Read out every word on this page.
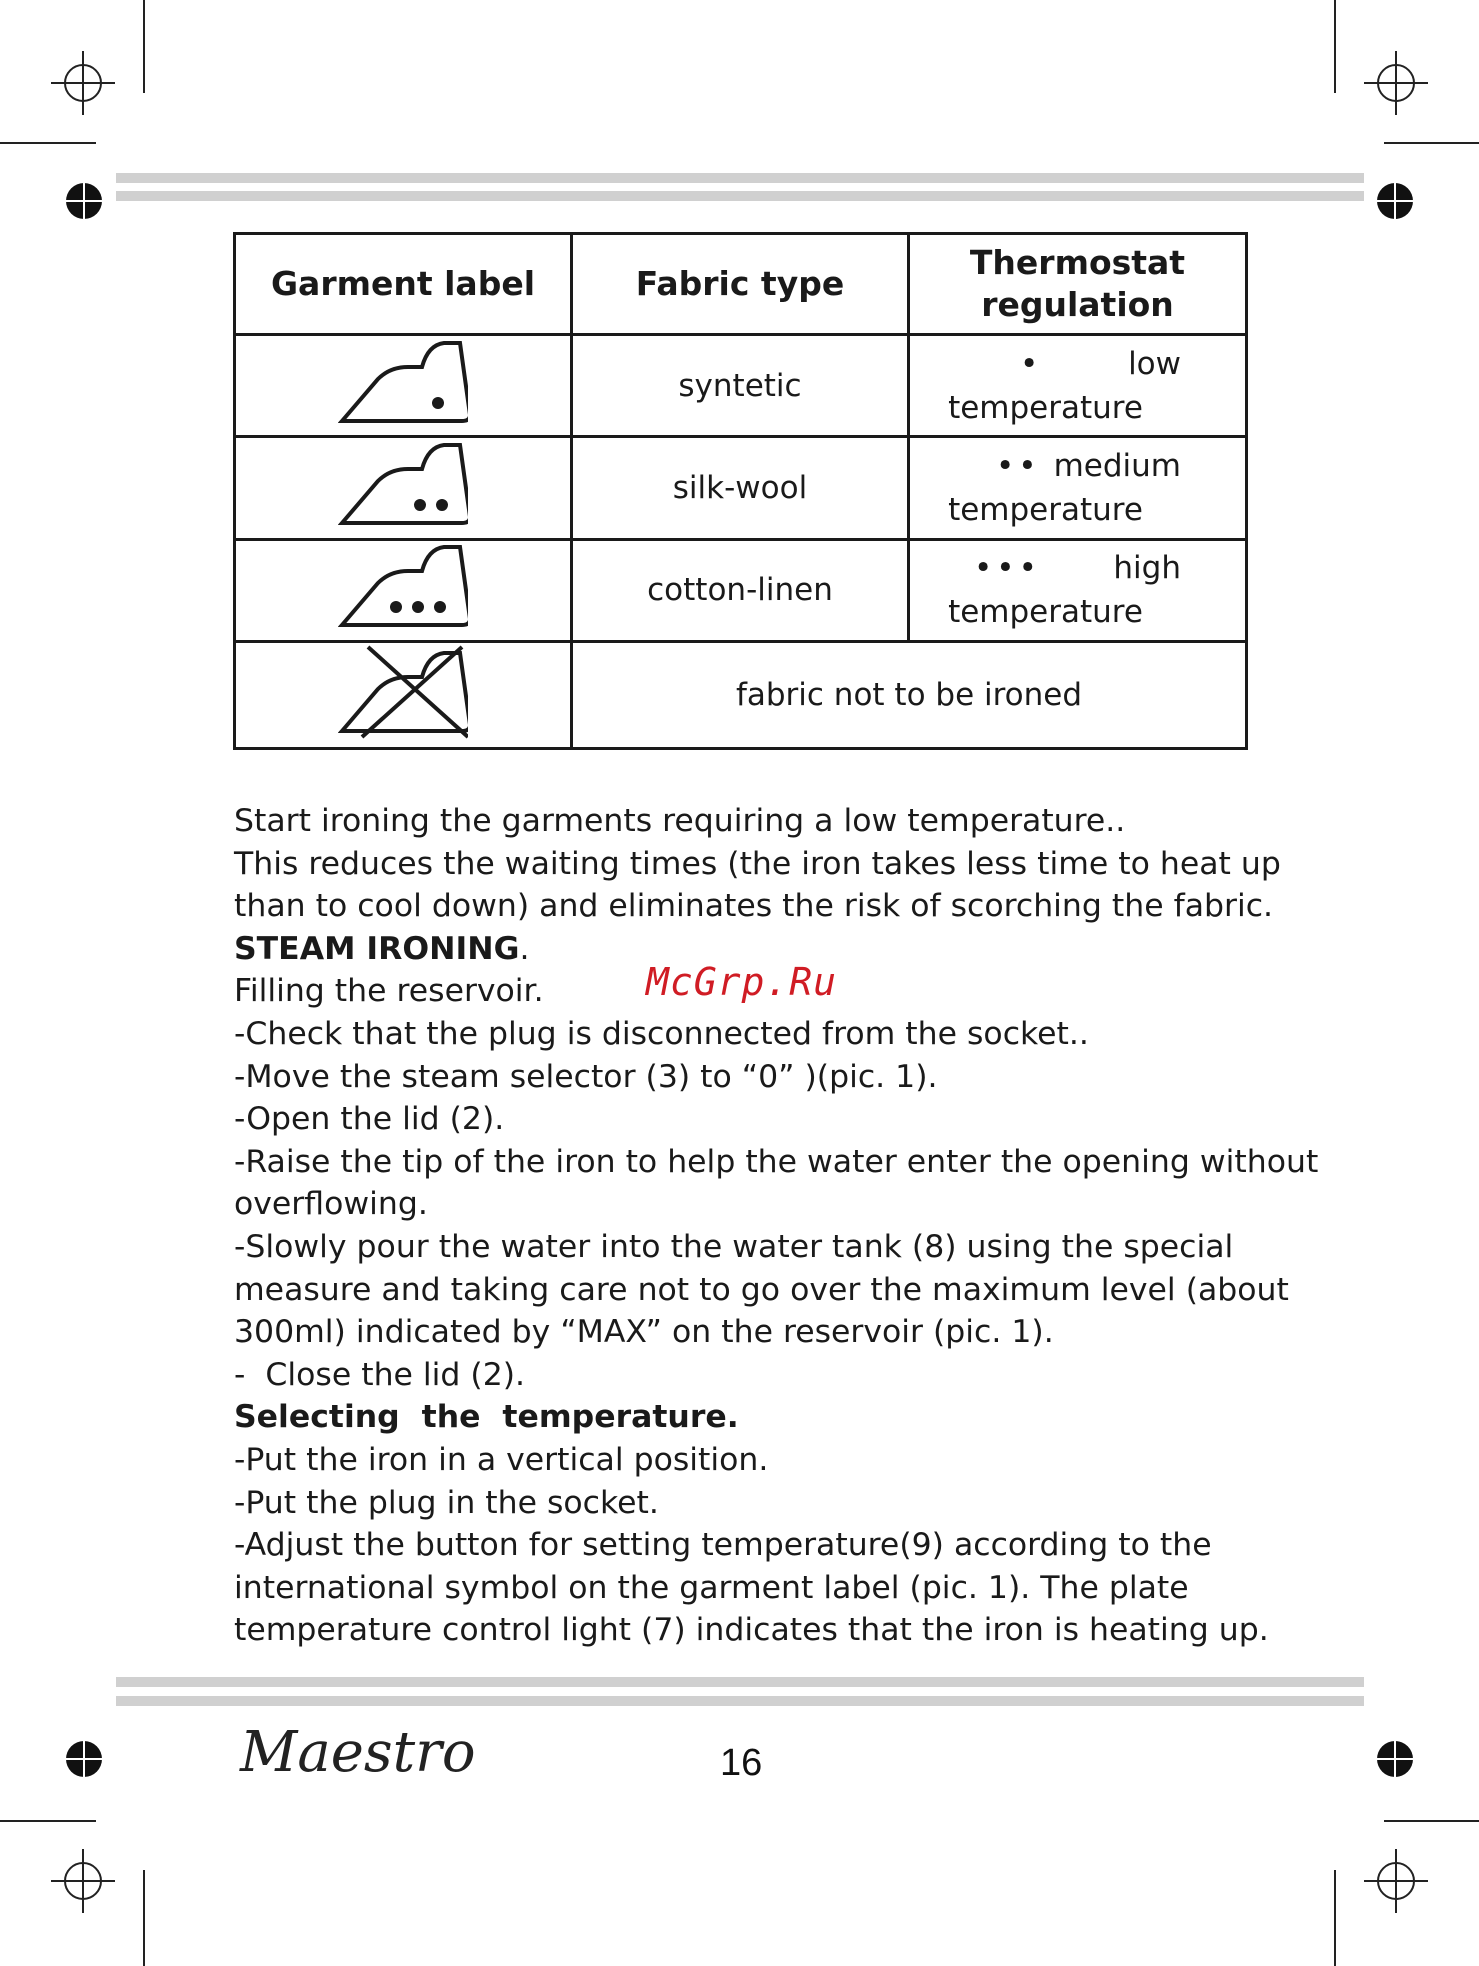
Garment label	Fabric type	Thermostat
regulation

	syntetic	• low
temperature

	silk-wool	•• medium
temperature

	cotton-linen	••• high
temperature

	fabric not to be ironed	

Start ironing the garments requiring a low temperature..

This reduces the waiting times (the iron takes less time to heat up

than to cool down) and eliminates the risk of scorching the fabric.

STEAM IRONING.

Filling the reservoir.

-Check that the plug is disconnected from the socket..

-Move the steam selector (3) to “0” )(pic. 1).

-Open the lid (2).

-Raise the tip of the iron to help the water enter the opening without

overflowing.

-Slowly pour the water into the water tank (8) using the special

measure and taking care not to go over the maximum level (about

300ml) indicated by “MAX” on the reservoir (pic. 1).

-  Close the lid (2).

Selecting  the  temperature.

-Put the iron in a vertical position.

-Put the plug in the socket.

-Adjust the button for setting temperature(9) according to the

international symbol on the garment label (pic. 1). The plate

temperature control light (7) indicates that the iron is heating up.

McGrp.Ru
Maestro	16
